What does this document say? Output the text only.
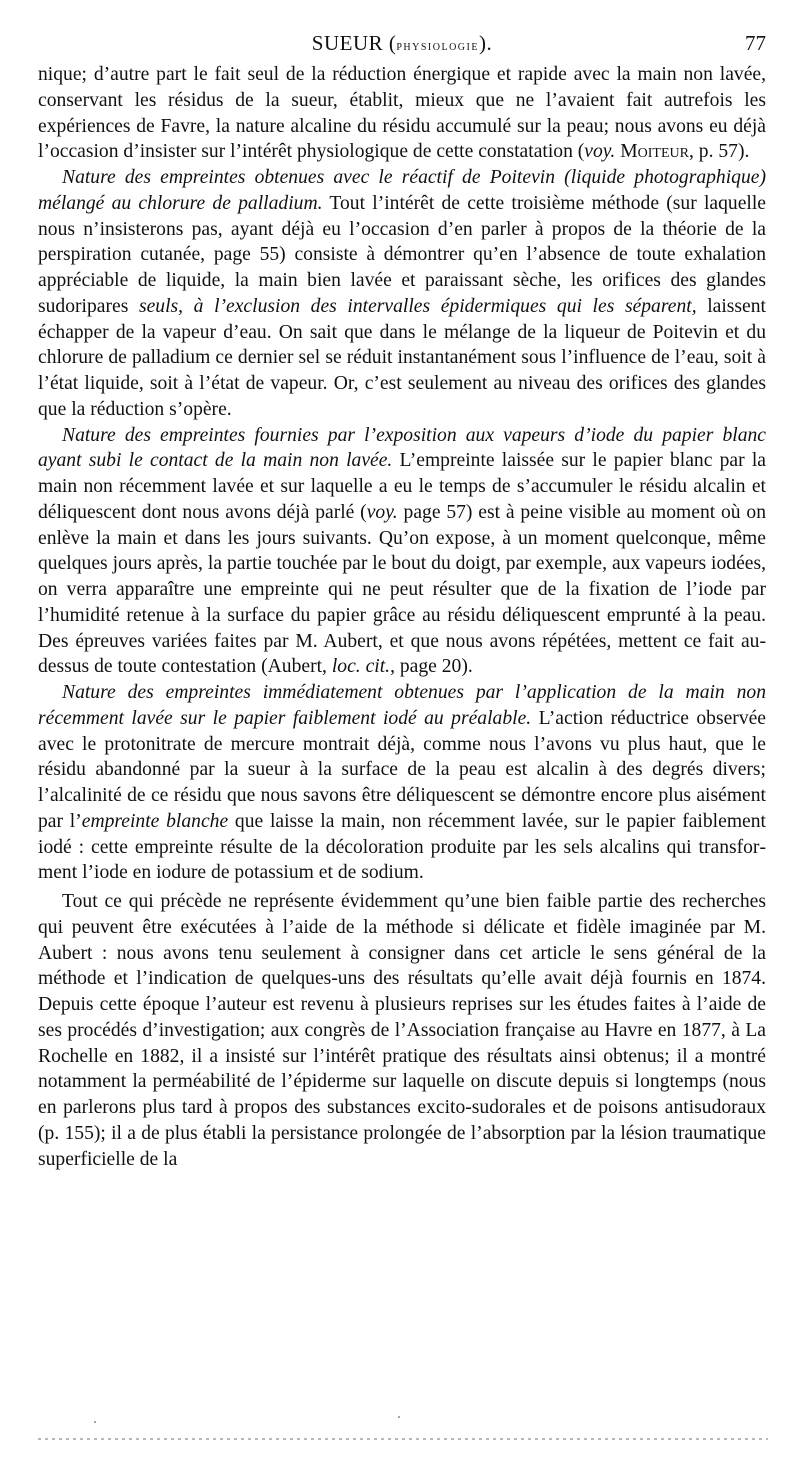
SUEUR (physiologie).	77

nique; d’autre part le fait seul de la réduction énergique et rapide avec la main non lavée, conservant les résidus de la sueur, établit, mieux que ne l’avaient fait autrefois les expériences de Favre, la nature alcaline du résidu accumulé sur la peau; nous avons eu déjà l’occasion d’insister sur l’intérêt physiologique de cette constatation (voy. Moiteur, p. 57).

Nature des empreintes obtenues avec le réactif de Poitevin (liquide photographique) mélangé au chlorure de palladium. Tout l’intérêt de cette troisième méthode (sur laquelle nous n’insisterons pas, ayant déjà eu l’occasion d’en parler à propos de la théorie de la perspiration cutanée, page 55) consiste à démontrer qu’en l’absence de toute exhalation appréciable de liquide, la main bien lavée et paraissant sèche, les orifices des glandes sudoripares seuls, à l’exclusion des intervalles épidermiques qui les séparent, laissent échapper de la vapeur d’eau. On sait que dans le mélange de la liqueur de Poitevin et du chlorure de palladium ce dernier sel se réduit instantanément sous l’influence de l’eau, soit à l’état liquide, soit à l’état de vapeur. Or, c’est seulement au niveau des orifices des glandes que la réduction s’opère.

Nature des empreintes fournies par l’exposition aux vapeurs d’iode du papier blanc ayant subi le contact de la main non lavée. L’empreinte laissée sur le papier blanc par la main non récemment lavée et sur laquelle a eu le temps de s’accumuler le résidu alcalin et déliquescent dont nous avons déjà parlé (voy. page 57) est à peine visible au moment où on enlève la main et dans les jours suivants. Qu’on expose, à un moment quelconque, même quelques jours après, la partie touchée par le bout du doigt, par exemple, aux vapeurs iodées, on verra apparaître une empreinte qui ne peut résulter que de la fixation de l’iode par l’humidité retenue à la surface du papier grâce au résidu déliquescent emprunté à la peau. Des épreuves variées faites par M. Aubert, et que nous avons répétées, mettent ce fait au-dessus de toute contestation (Aubert, loc. cit., page 20).

Nature des empreintes immédiatement obtenues par l’application de la main non récemment lavée sur le papier faiblement iodé au préalable. L’action réductrice observée avec le protonitrate de mercure montrait déjà, comme nous l’avons vu plus haut, que le résidu abandonné par la sueur à la surface de la peau est alcalin à des degrés divers; l’alcalinité de ce résidu que nous savons être déliquescent se démontre encore plus aisément par l’empreinte blanche que laisse la main, non récemment lavée, sur le papier faiblement iodé : cette empreinte résulte de la décoloration produite par les sels alcalins qui transforment l’iode en iodure de potassium et de sodium.

Tout ce qui précède ne représente évidemment qu’une bien faible partie des recherches qui peuvent être exécutées à l’aide de la méthode si délicate et fidèle imaginée par M. Aubert : nous avons tenu seulement à consigner dans cet article le sens général de la méthode et l’indication de quelques-uns des résultats qu’elle avait déjà fournis en 1874. Depuis cette époque l’auteur est revenu à plusieurs reprises sur les études faites à l’aide de ses procédés d’investigation; aux congrès de l’Association française au Havre en 1877, à La Rochelle en 1882, il a insisté sur l’intérêt pratique des résultats ainsi obtenus; il a montré notamment la perméabilité de l’épiderme sur laquelle on discute depuis si longtemps (nous en parlerons plus tard à propos des substances excito-sudorales et de poisons antisudoraux (p. 155); il a de plus établi la persistance prolongée de l’absorption par la lésion traumatique superficielle de la
